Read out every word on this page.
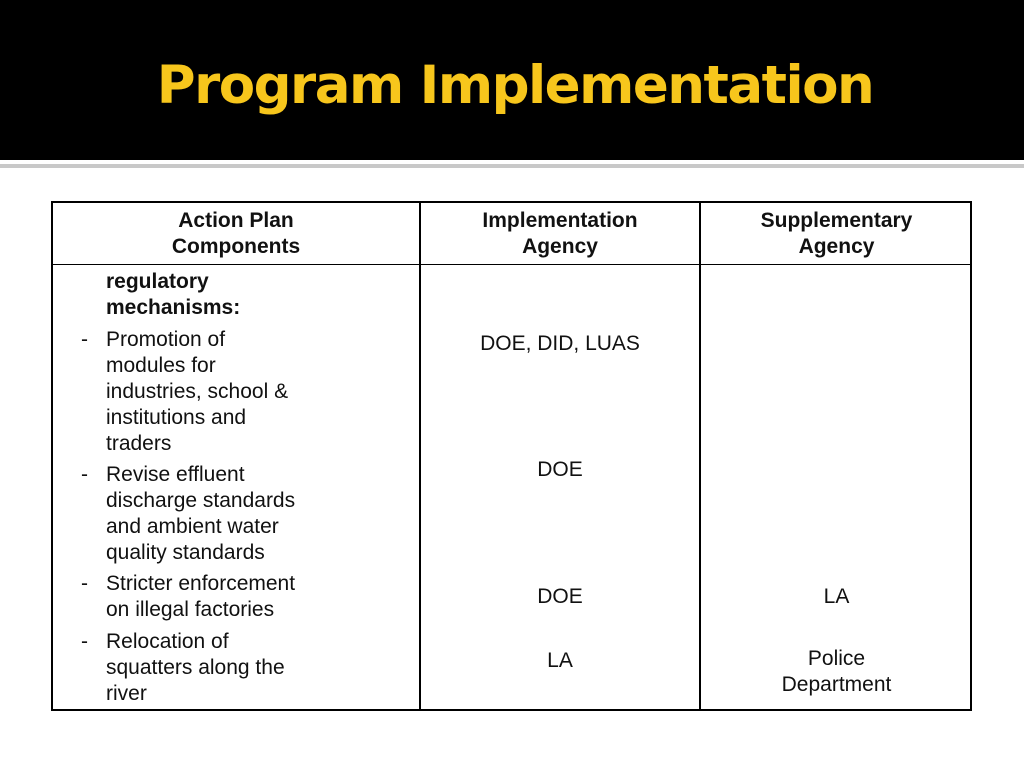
Program Implementation
Action Plan
Components
Implementation
Agency
Supplementary
Agency
regulatory
mechanisms:
- Promotion of
modules for
industries, school &
institutions and
traders
DOE, DID, LUAS
- Revise effluent
discharge standards
and ambient water
quality standards
DOE
- Stricter enforcement
on illegal factories
DOE	LA
- Relocation of
squatters along the
river
LA	Police
Department
